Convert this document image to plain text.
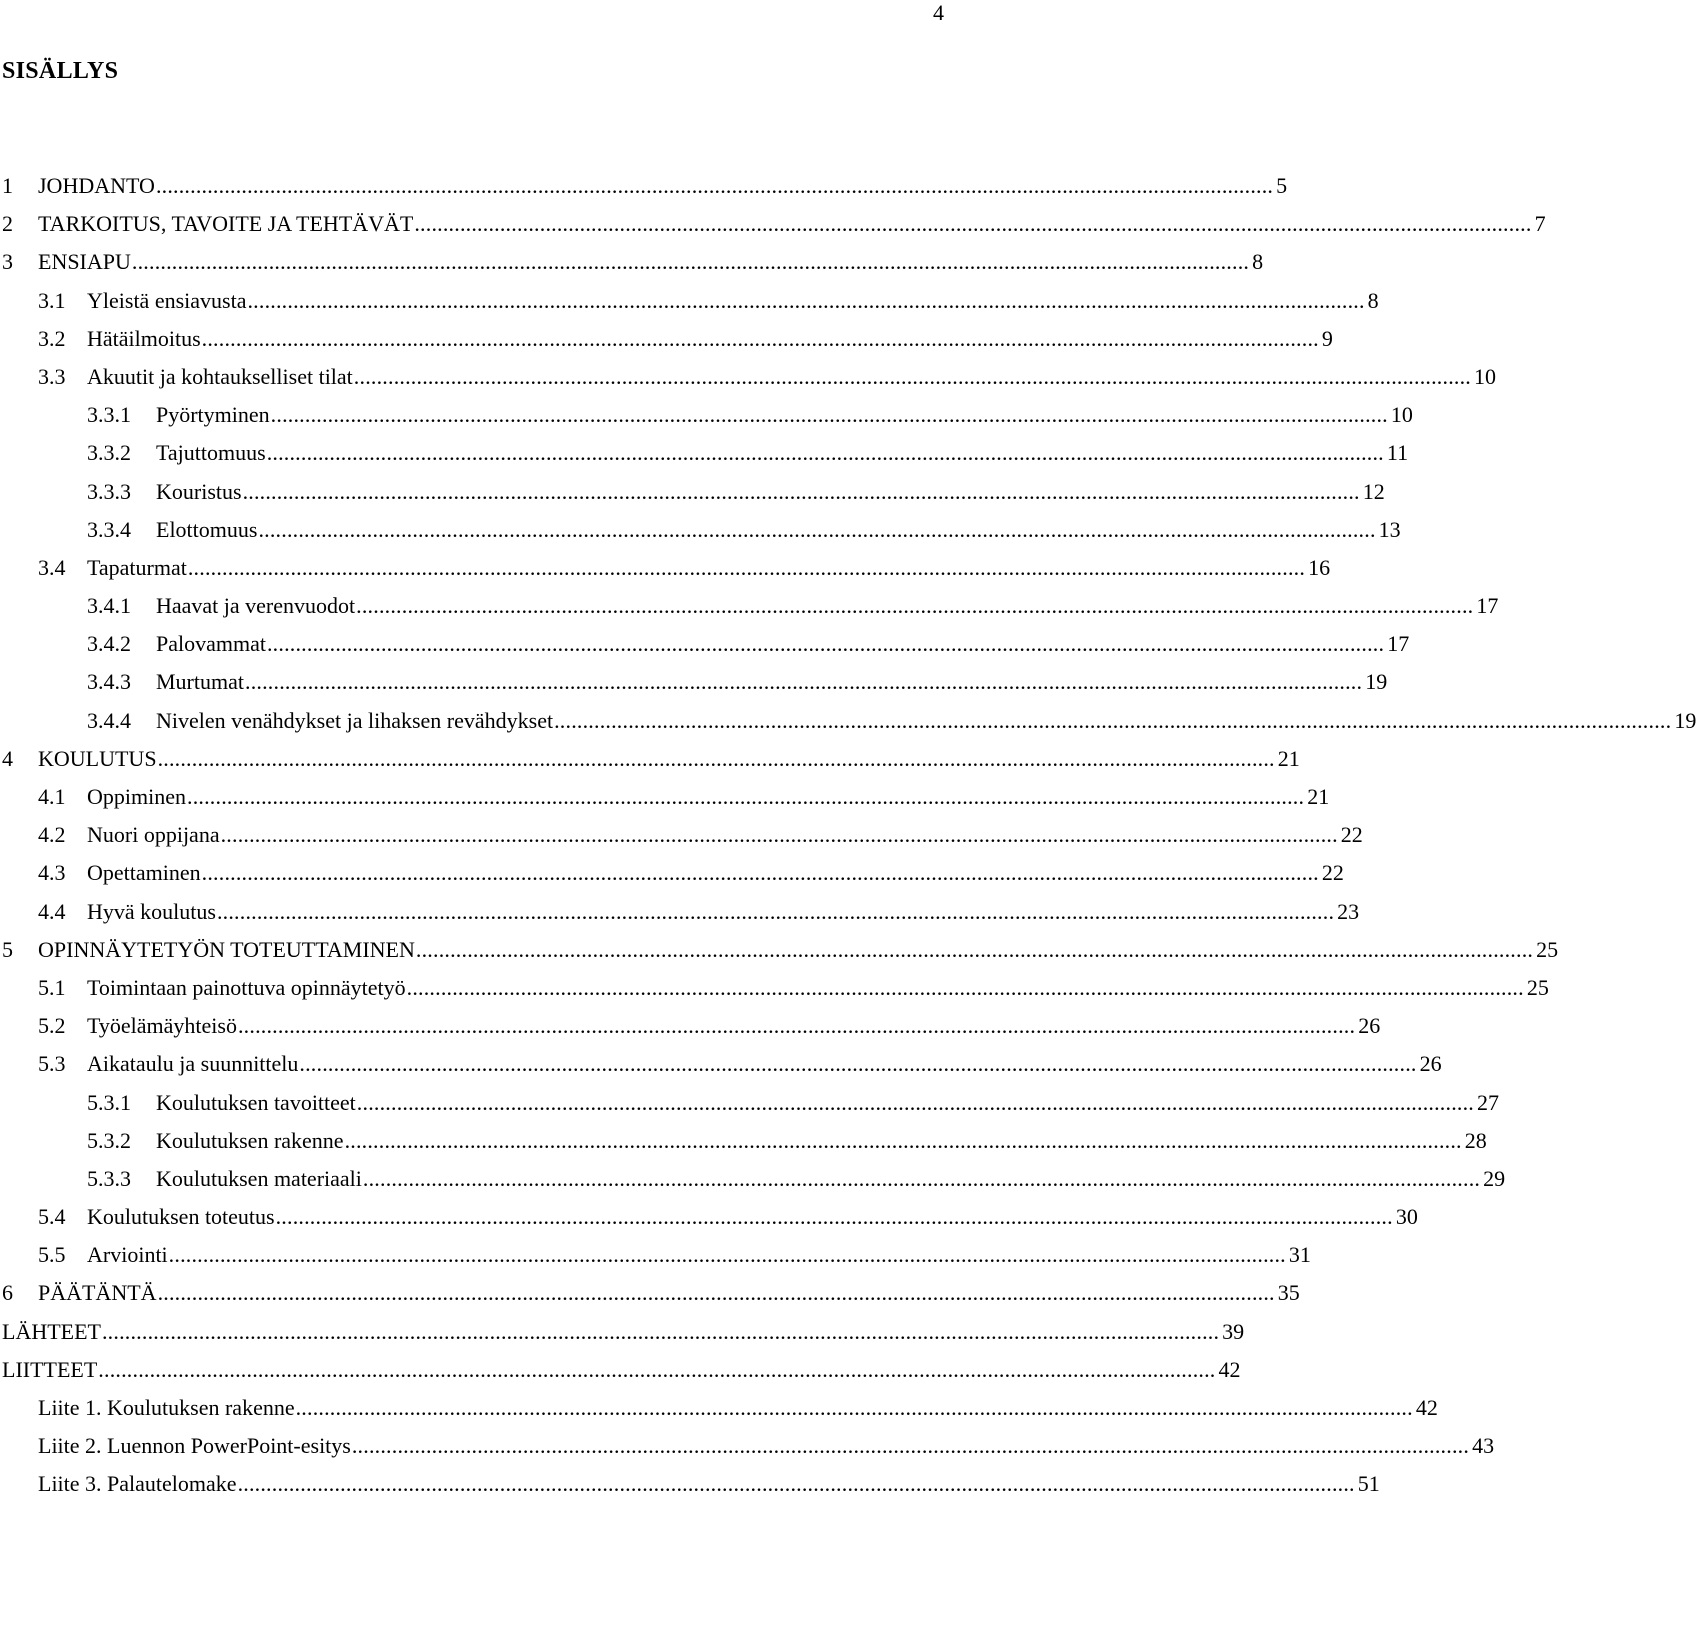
4
SISÄLLYS
1 JOHDANTO .................................................................................................................................................................................................... 5
2 TARKOITUS, TAVOITE JA TEHTÄVÄT .................................................................................................................................................................................................... 7
3 ENSIAPU .................................................................................................................................................................................................... 8
3.1 Yleistä ensiavusta .................................................................................................................................................................................................... 8
3.2 Hätäilmoitus .................................................................................................................................................................................................... 9
3.3 Akuutit ja kohtaukselliset tilat .................................................................................................................................................................................................... 10
3.3.1 Pyörtyminen .................................................................................................................................................................................................... 10
3.3.2 Tajuttomuus .................................................................................................................................................................................................... 11
3.3.3 Kouristus .................................................................................................................................................................................................... 12
3.3.4 Elottomuus .................................................................................................................................................................................................... 13
3.4 Tapaturmat .................................................................................................................................................................................................... 16
3.4.1 Haavat ja verenvuodot .................................................................................................................................................................................................... 17
3.4.2 Palovammat .................................................................................................................................................................................................... 17
3.4.3 Murtumat .................................................................................................................................................................................................... 19
3.4.4 Nivelen venähdykset ja lihaksen revähdykset .................................................................................................................................................................................................... 19
4 KOULUTUS .................................................................................................................................................................................................... 21
4.1 Oppiminen .................................................................................................................................................................................................... 21
4.2 Nuori oppijana .................................................................................................................................................................................................... 22
4.3 Opettaminen .................................................................................................................................................................................................... 22
4.4 Hyvä koulutus .................................................................................................................................................................................................... 23
5 OPINNÄYTETYÖN TOTEUTTAMINEN .................................................................................................................................................................................................... 25
5.1 Toimintaan painottuva opinnäytetyö .................................................................................................................................................................................................... 25
5.2 Työelämäyhteisö .................................................................................................................................................................................................... 26
5.3 Aikataulu ja suunnittelu .................................................................................................................................................................................................... 26
5.3.1 Koulutuksen tavoitteet .................................................................................................................................................................................................... 27
5.3.2 Koulutuksen rakenne .................................................................................................................................................................................................... 28
5.3.3 Koulutuksen materiaali .................................................................................................................................................................................................... 29
5.4 Koulutuksen toteutus .................................................................................................................................................................................................... 30
5.5 Arviointi .................................................................................................................................................................................................... 31
6 PÄÄTÄNTÄ .................................................................................................................................................................................................... 35
LÄHTEET .................................................................................................................................................................................................... 39
LIITTEET .................................................................................................................................................................................................... 42
Liite 1. Koulutuksen rakenne .................................................................................................................................................................................................... 42
Liite 2. Luennon PowerPoint-esitys .................................................................................................................................................................................................... 43
Liite 3. Palautelomake .................................................................................................................................................................................................... 51
